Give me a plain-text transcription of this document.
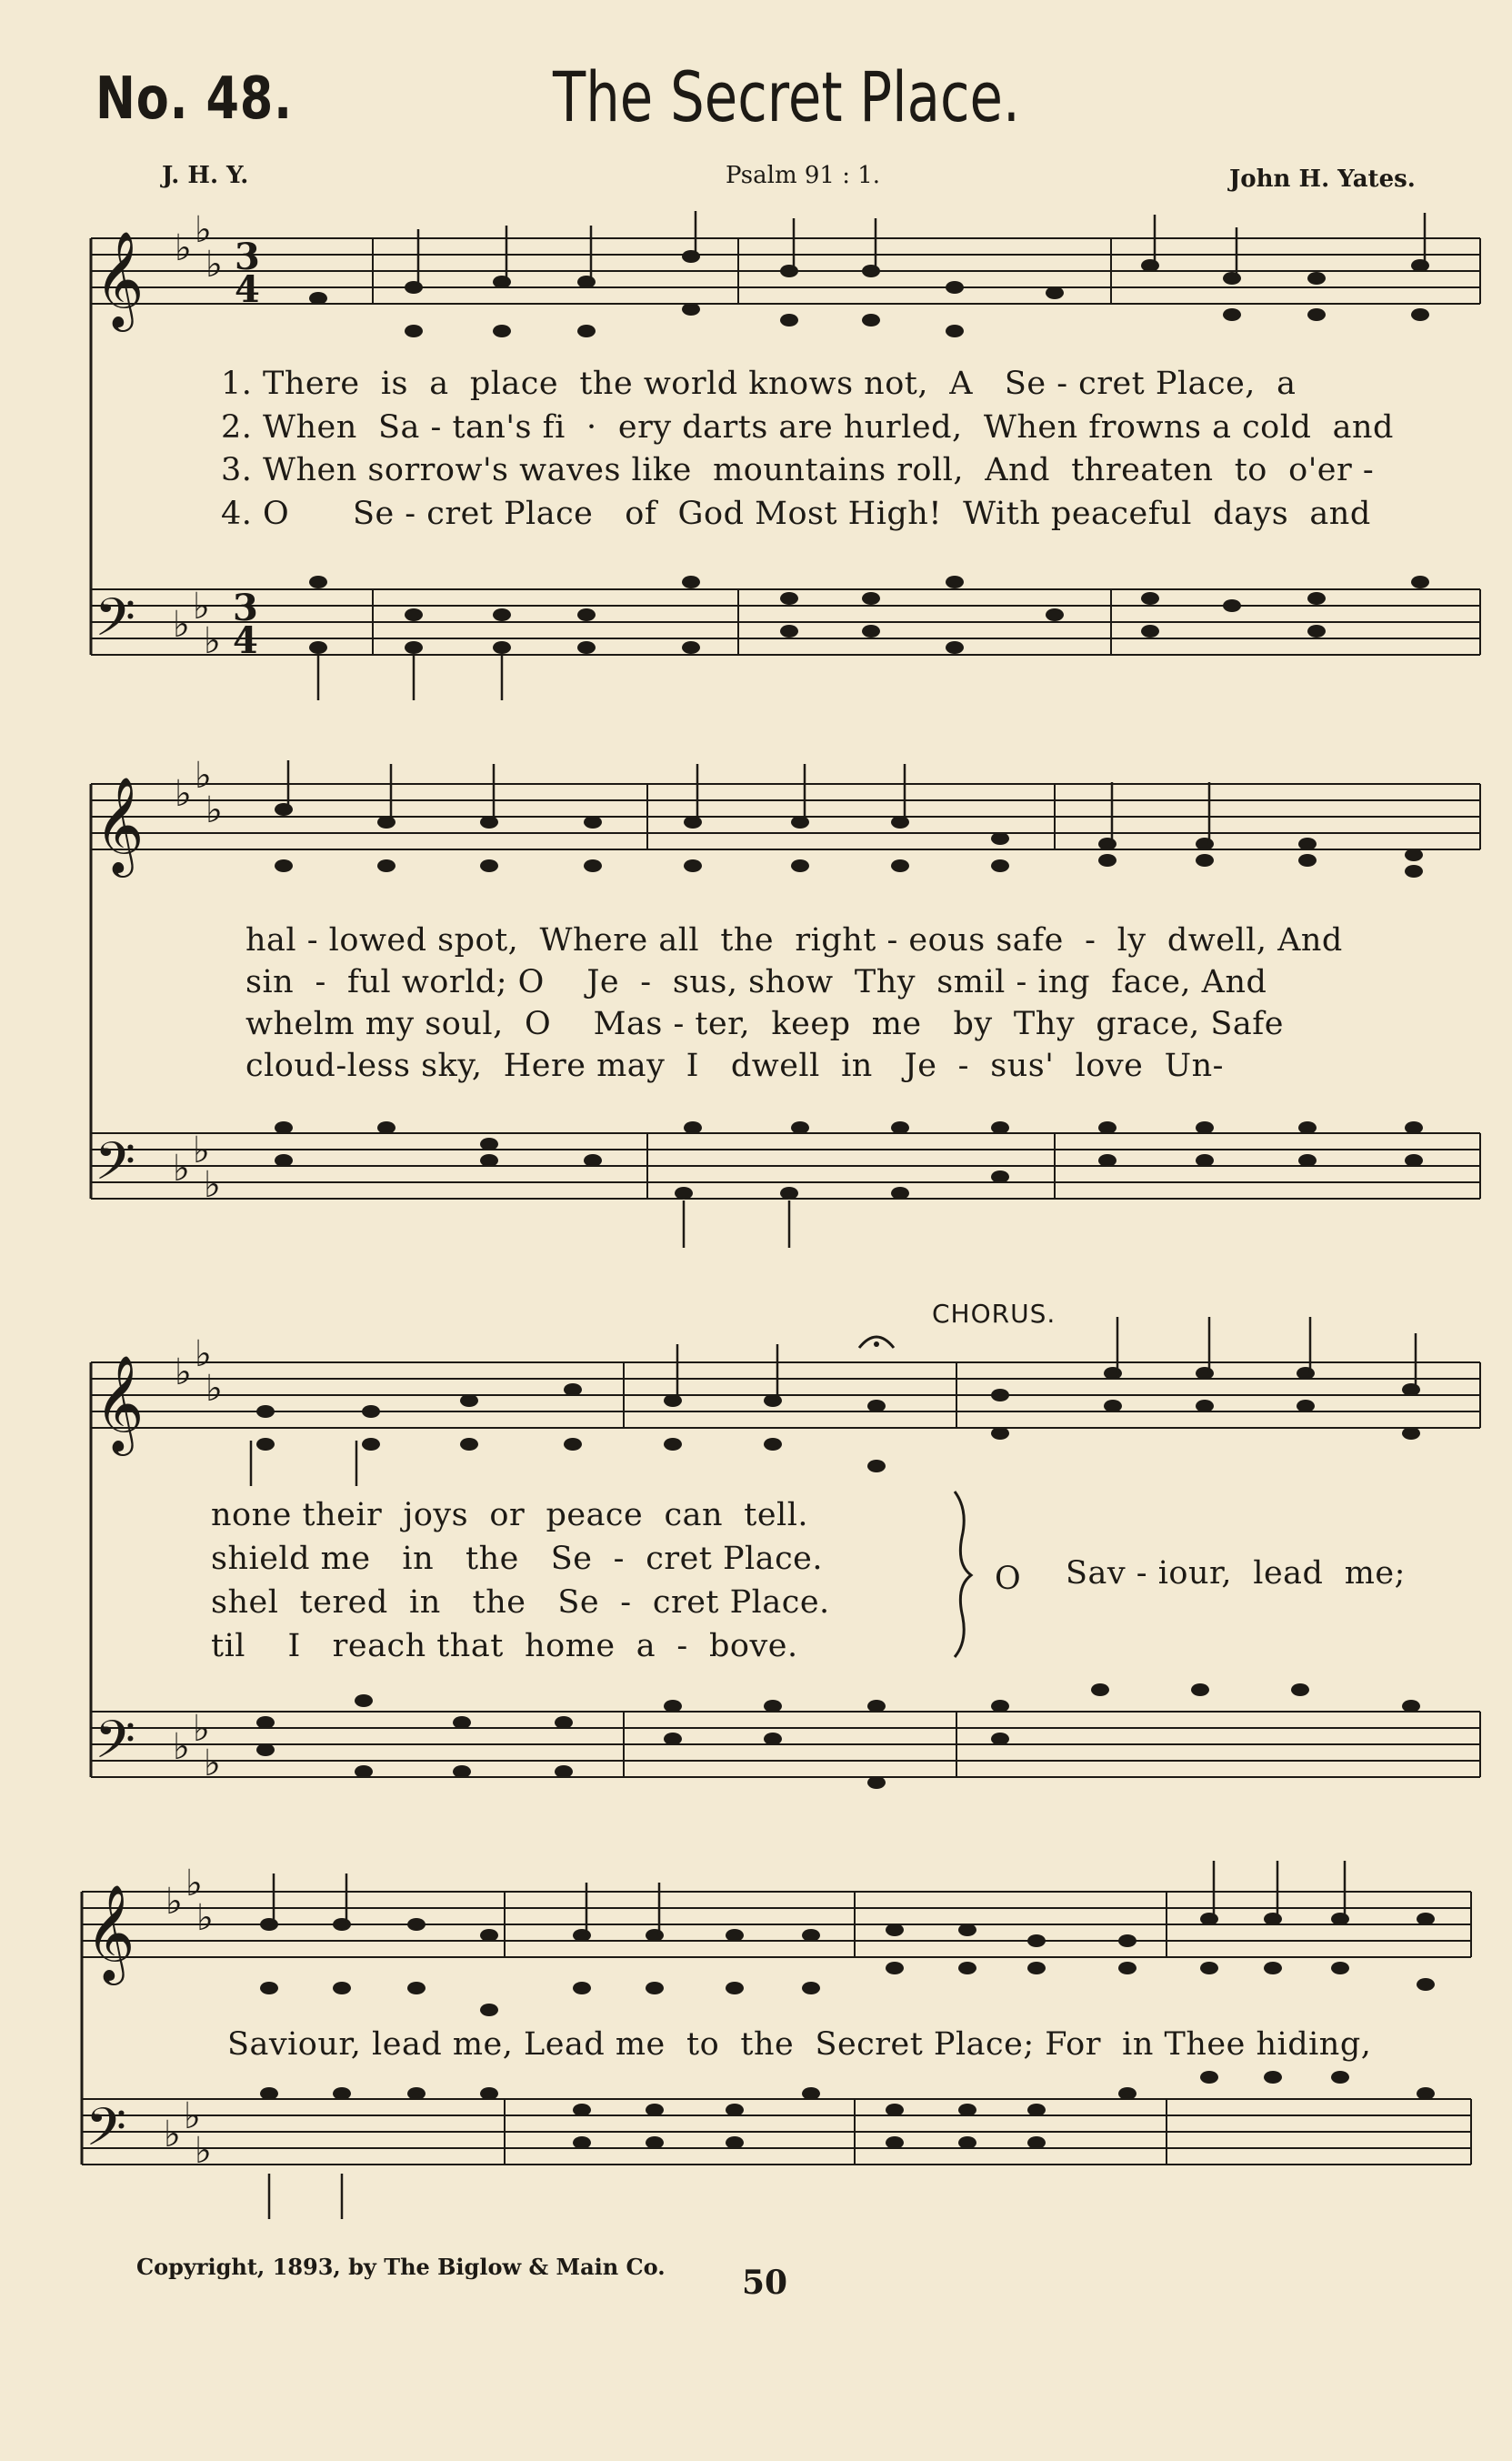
No. 48.	The Secret Place.
J. H. Y.	Psalm 91 : 1.	John H. Yates.
𝄞
𝄢
𝄞
𝄢
𝄞
𝄢
𝄞
𝄢
♭ ♭
♭
♭ ♭
♭
♭ ♭
♭
♭ ♭
♭
♭ ♭
♭
♭ ♭
♭
♭ ♭
♭
♭ ♭
♭
3
4
3
4
1. There  is  a  place  the world knows not,  A   Se - cret Place,  a
2. When  Sa - tan's fi  ·  ery darts are hurled,  When frowns a cold  and
3. When sorrow's waves like  mountains roll,  And  threaten  to  o'er -
4. O      Se - cret Place   of  God Most High!  With peaceful  days  and
hal - lowed spot,  Where all  the  right - eous safe  -  ly  dwell, And
sin  -  ful world; O    Je  -  sus, show  Thy  smil - ing  face, And
whelm my soul,  O    Mas - ter,  keep  me   by  Thy  grace, Safe
cloud-less sky,  Here may  I   dwell  in   Je  -  sus'  love  Un-
CHORUS.
none their  joys  or  peace  can  tell.
shield me   in   the   Se  -  cret Place.
shel  tered  in   the   Se  -  cret Place.
til    I   reach that  home  a  -  bove.
O Sav - iour,  lead  me;
Saviour, lead me, Lead me  to  the  Secret Place; For  in Thee hiding,
Copyright, 1893, by The Biglow & Main Co. 50
